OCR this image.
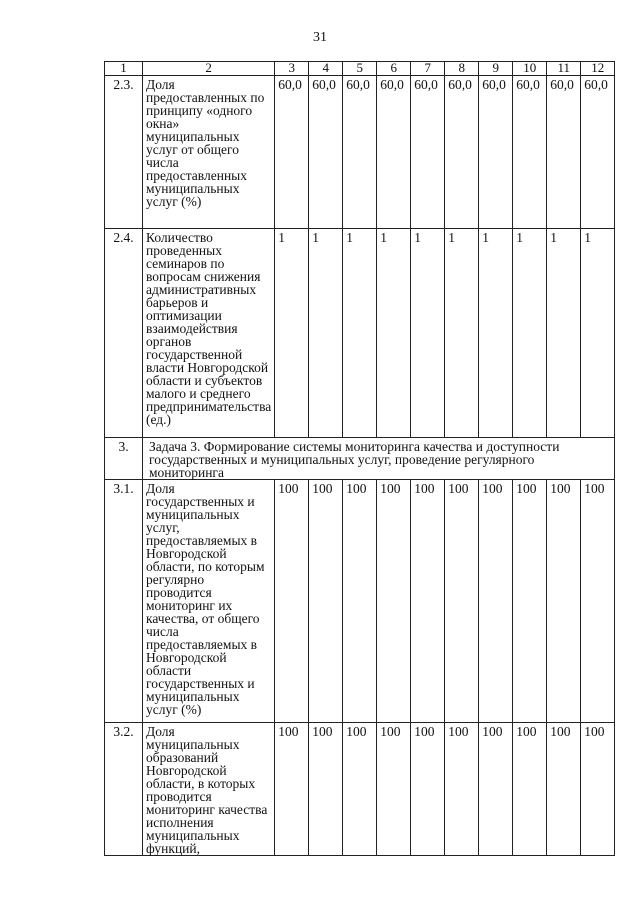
31
1	2	3	4	5	6	7	8	9	10	11	12
2.3.	Доля предоставленных по принципу «одного окна» муниципальных услуг от общего числа предоставленных муниципальных услуг (%)	60,0	60,0	60,0	60,0	60,0	60,0	60,0	60,0	60,0	60,0
2.4.	Количество проведенных семинаров по вопросам снижения административных барьеров и оптимизации взаимодействия органов государственной власти Новгородской области и субъектов малого и среднего предпринимательства (ед.)	1	1	1	1	1	1	1	1	1	1
3.	Задача 3. Формирование системы мониторинга качества и доступности государственных и муниципальных услуг, проведение регулярного мониторинга										
3.1.	Доля государственных и муниципальных услуг, предоставляемых в Новгородской области, по которым регулярно проводится мониторинг их качества, от общего числа предоставляемых в Новгородской области государственных и муниципальных услуг (%)	100	100	100	100	100	100	100	100	100	100
3.2.	Доля муниципальных образований Новгородской области, в которых проводится мониторинг качества исполнения муниципальных функций,	100	100	100	100	100	100	100	100	100	100
